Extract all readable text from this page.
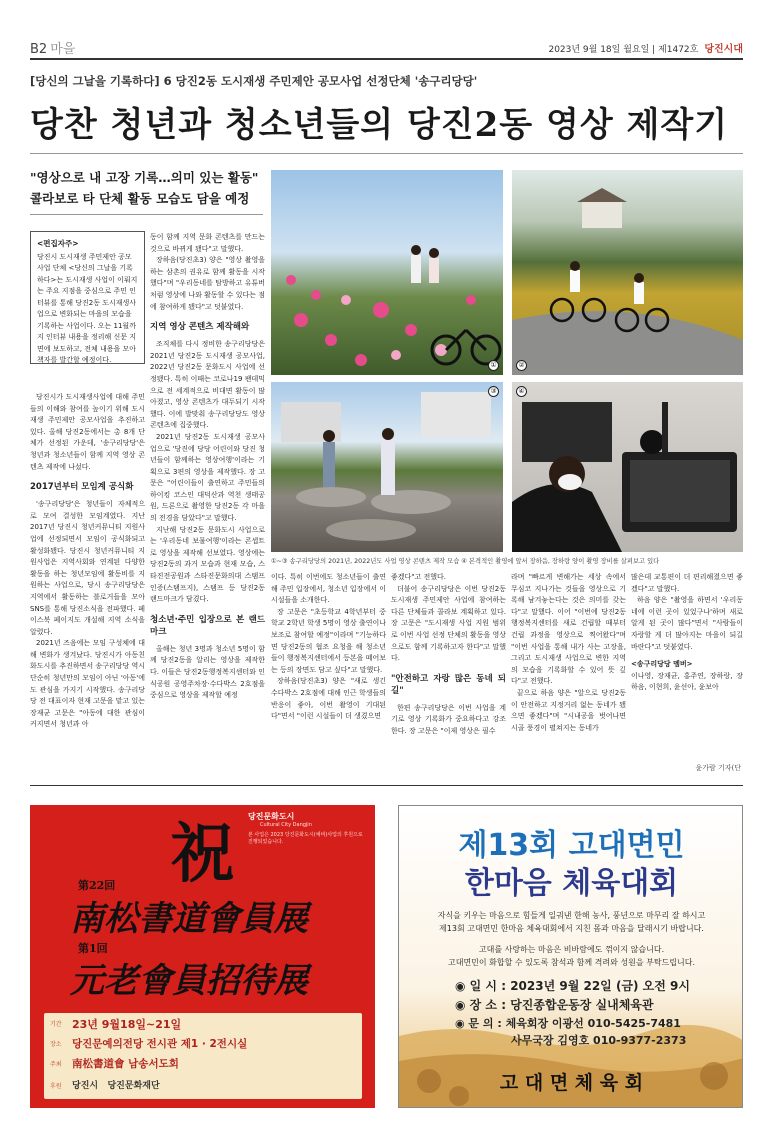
B2 마을	2023년 9월 18일 월요일 | 제1472호 당진시대
[당신의 그날을 기록하다] 6 당진2동 도시재생 주민제안 공모사업 선정단체 '송구리당당'
당찬 청년과 청소년들의 당진2동 영상 제작기
"영상으로 내 고장 기록…의미 있는 활동"
콜라보로 타 단체 활동 모습도 담을 예정
<편집자주>
당진시 도시재생 주민제안 공모사업 단체 <당신의 그날을 기록하다>는 도시재생 사업이 이뤄지는 주요 지점을 중심으로 주민 인터뷰를 통해 당진2동 도시재생사업으로 변화되는 마을의 모습을 기록하는 사업이다. 오는 11월까지 인터뷰 내용을 정리해 신문 지면에 보도하고, 전체 내용을 모아 책자를 발간할 예정이다.

당진시가 도시재생사업에 대해 주민들의 이해와 참여를 높이기 위해 도시재생 주민제안 공모사업을 추진하고 있다. 올해 당진2동에서는 총 8개 단체가 선정된 가운데, '송구리당당'은 청년과 청소년들이 함께 지역 영상 콘텐츠 제작에 나섰다.

2017년부터 모임계 공식화

'송구리당당'은 청년들이 자체적으로 모여 결성한 모임계였다. 지난 2017년 당진시 청년커뮤니티 지원사업에 선정되면서 모임이 공식화되고 활성화됐다. 당진시 청년커뮤니티 지원사업은 지역사회와 연계된 다양한 활동을 하는 청년모임에 활동비를 지원하는 사업으로, 당시 송구리당당은 지역에서 활동하는 블로거들을 모아 SNS를 통해 당진소식을 전파했다. 페이스북 페이지도 개설해 지역 소식을 알렸다.

2021년 즈음에는 모임 구성체에 대해 변화가 생겨났다. 당진시가 아동친화도시를 추진하면서 송구리당당 역시 단순히 청년만의 모임이 아닌 '아동'에도 관심을 가지기 시작했다. 송구리당당 전 대표이자 현재 고문을 맡고 있는 장재균 고문은 "아동에 대한 관심이 커지면서 청년과 아

동이 함께 지역 문화 콘텐츠를 만드는 것으로 바뀌게 됐다"고 말했다.

장하음(당진초3) 양은 "영상 촬영을 하는 삼촌의 권유로 함께 활동을 시작했다"며 "우리동네를 탐방하고 유튜버처럼 영상에 나와 활동할 수 있다는 점에 참여하게 됐다"고 덧붙였다.

지역 영상 콘텐츠 제작해와

조직체를 다시 정비한 송구리당당은 2021년 당진2동 도시재생 공모사업, 2022년 당진2동 문화도시 사업에 선정됐다. 특히 이때는 코로나19 팬데믹으로 전 세계적으로 비대면 활동이 많아졌고, 영상 콘텐츠가 대두되기 시작했다. 이에 발맞춰 송구리당당도 영상 콘텐츠에 집중했다.

2021년 당진2동 도시재생 공모사업으로 '당진에 당당 어린이와 당진 청년들이 함께하는 영상여행'이라는 기획으로 3편의 영상을 제작했다. 장 고문은 "어린이들이 출연하고 주민들의 하이킹 코스인 대덕산과 역천 생태공원, 드론으로 촬영한 당진2동 각 마을의 전경을 담았다"고 말했다.

지난해 당진2동 문화도시 사업으로는 '우리동네 보물여행'이라는 콘셉트로 영상을 제작해 선보였다. 영상에는 당진2동의 과거 모습과 현재 모습, 스타진전공원과 스타진문화의대 스탬프인증(스탬프지), 스탬프 등 당진2동 랜드마크가 담겼다.

청소년·주민 입장으로 본 랜드마크

올해는 청년 3명과 청소년 5명이 함께 당진2동을 알리는 영상을 제작한다. 이들은 당진2동행정복지센터와 인식공원 공영주차장·수다박스 2호점을 중심으로 영상을 제작할 예정

①	②
③	④
①~③ 송구리당당의 2021년, 2022년도 사업 영상 콘텐츠 제작 모습 ④ 본격적인 촬영에 앞서 장하음, 장하랑 양이 촬영 장비를 살펴보고 있다

이다. 특히 이번에도 청소년들이 출연해 주민 입장에서, 청소년 입장에서 이 시설들을 소개한다.

장 고문은 "초등학교 4학년부터 중학교 2학년 학생 5명이 영상 출연이나 보조로 참여할 예정"이라며 "기능하다면 당진2동의 협조 요청을 해 청소년들이 행정복지센터에서 등본을 떼어보는 등의 장면도 담고 싶다"고 말했다.

장하음(당진초3) 양은 "새로 생긴 수다박스 2호점에 대해 인근 학생들의 반응이 좋아, 이번 촬영이 기대된다"면서 "이런 시설들이 더 생겼으면

좋겠다"고 전했다.

더불어 송구리당당은 이번 당진2동 도시재생 주민제안 사업에 참여하는 다른 단체들과 콜라보 계획하고 있다. 장 고문은 "도시재생 사업 지원 범위로 이번 사업 선정 단체의 활동을 영상으로도 함께 기록하고자 한다"고 말했다.

"안전하고 자랑 많은 동네 되길"

한편 송구리당당은 이번 사업을 계기로 영상 기록화가 중요하다고 강조한다. 장 고문은 "이제 영상은 필수

라며 "빠르게 변해가는 세상 속에서 무심코 지나가는 것들을 영상으로 기록해 남겨놓는다는 것은 의미를 갖는다"고 말했다. 이어 "이번에 당진2동행정복지센터를 새로 건립할 때부터 건립 과정을 영상으로 찍어왔다"며 "이번 사업을 통해 내가 사는 고장을, 그리고 도시재생 사업으로 변한 지역의 모습을 기록화할 수 있어 뜻 깊다"고 전했다.

끝으로 하음 양은 "앞으로 당진2동이 안전하고 지정거리 없는 동네가 됐으면 좋겠다"며 "시내공을 벗어나면 시골 풍경이 펼쳐지는 동네가

많은데 교통편이 더 편리해졌으면 좋겠다"고 말했다.

하음 양은 "촬영을 하면서 '우리동네에 이런 곳이 있었구나'하며 새로 알게 된 곳이 많다"면서 "사람들이 자랑할 게 더 많아지는 마을이 되길 바란다"고 덧붙였다.

<송구리당당 멤버>
이나영, 장재균, 홍주연, 장하랑, 장하음, 이현희, 윤선아, 윤보아
윤가람 기자(단
당진문화도시
Cultural City Dangjin
본 사업은 2023 당진문화도시(예비)사업의 후원으로 진행되었습니다.
祝
第22回
南松書道會員展
第1回
元老會員招待展
기간 23년 9월18일~21일
장소 당진문예의전당 전시관 제1 · 2전시실
주최 南松書道會 남송서도회
후원 당진시   당진문화재단
제13회 고대면민
한마음 체육대회
자식을 키우는 마음으로 힘들게 일궈낸 한해 농사, 풍년으로 마무리 잘 하시고
제13회 고대면민 한마음 체육대회에서 지친 몸과 마음을 달래시기 바랍니다.
고대를 사랑하는 마음은 비바람에도 꺾이지 않습니다.
고대면민이 화합할 수 있도록 참석과 함께 격려와 성원을 부탁드립니다.
◉ 일 시 : 2023년 9월 22일 (금) 오전 9시
◉ 장 소 : 당진종합운동장 실내체육관
◉ 문 의 : 체육회장 이광선 010-5425-7481
사무국장 김영호 010-9377-2373
고 대 면 체 육 회
